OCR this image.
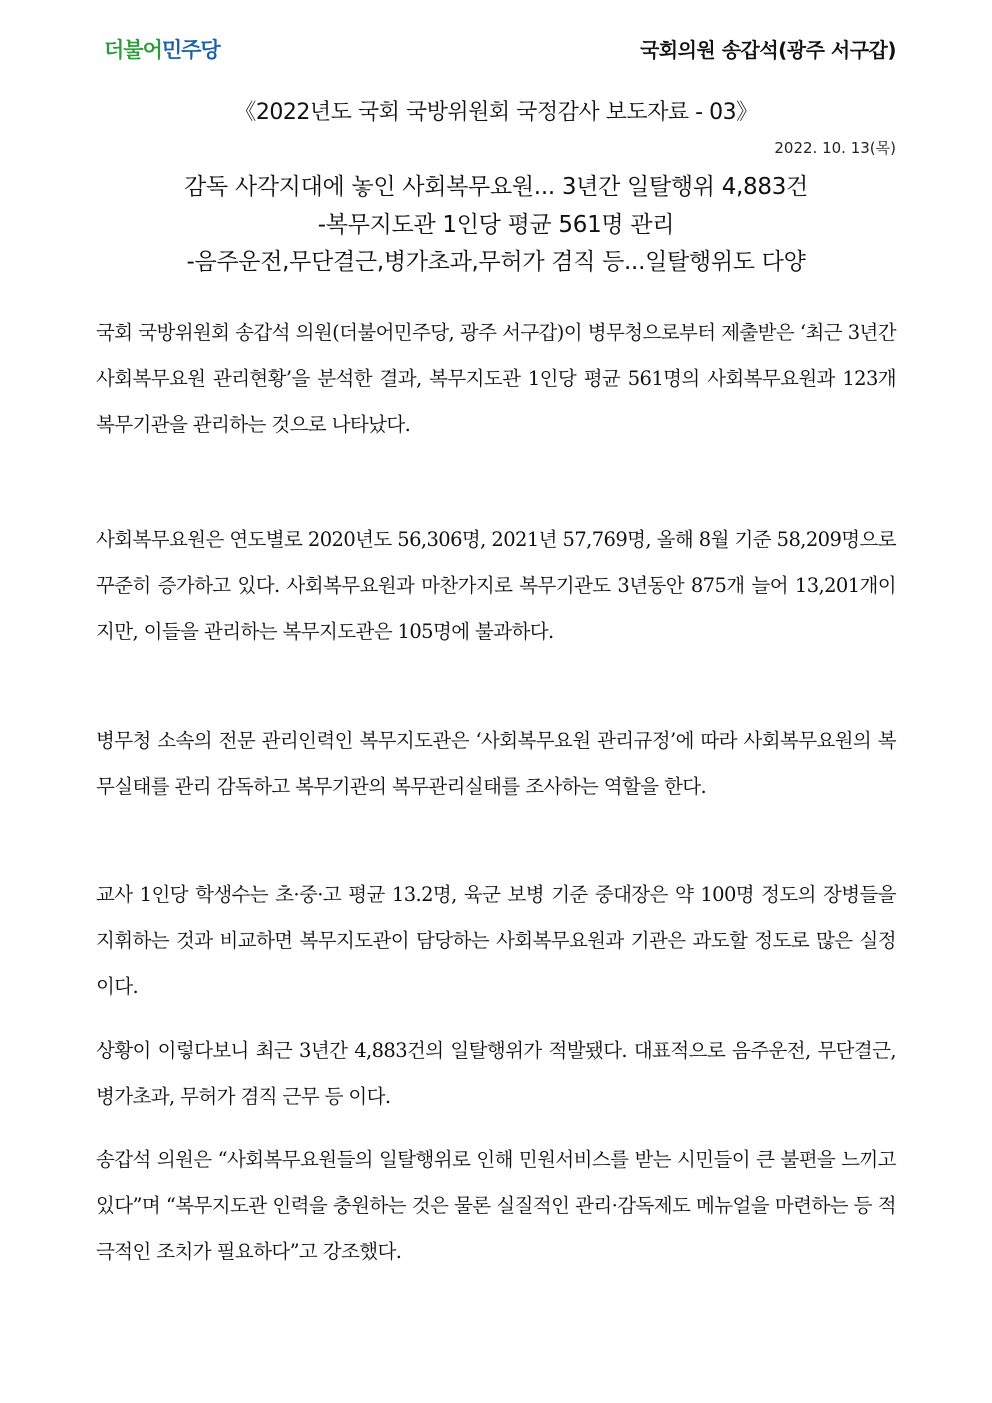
더불어민주당	국회의원 송갑석(광주 서구갑)
《2022년도 국회 국방위원회 국정감사 보도자료 - 03》
2022. 10. 13(목)
감독 사각지대에 놓인 사회복무요원... 3년간 일탈행위 4,883건
-복무지도관 1인당 평균 561명 관리
-음주운전,무단결근,병가초과,무허가 겸직 등...일탈행위도 다양
국회 국방위원회 송갑석 의원(더불어민주당, 광주 서구갑)이 병무청으로부터 제출받은 ‘최근 3년간 사회복무요원 관리현황’을 분석한 결과, 복무지도관 1인당 평균 561명의 사회복무요원과 123개 복무기관을 관리하는 것으로 나타났다.
사회복무요원은 연도별로 2020년도 56,306명, 2021년 57,769명, 올해 8월 기준 58,209명으로 꾸준히 증가하고 있다. 사회복무요원과 마찬가지로 복무기관도 3년동안 875개 늘어 13,201개이지만, 이들을 관리하는 복무지도관은 105명에 불과하다.
병무청 소속의 전문 관리인력인 복무지도관은 ‘사회복무요원 관리규정’에 따라 사회복무요원의 복무실태를 관리 감독하고 복무기관의 복무관리실태를 조사하는 역할을 한다.
교사 1인당 학생수는 초·중·고 평균 13.2명, 육군 보병 기준 중대장은 약 100명 정도의 장병들을 지휘하는 것과 비교하면 복무지도관이 담당하는 사회복무요원과 기관은 과도할 정도로 많은 실정이다.
상황이 이렇다보니 최근 3년간 4,883건의 일탈행위가 적발됐다. 대표적으로 음주운전, 무단결근, 병가초과, 무허가 겸직 근무 등 이다.
송갑석 의원은 “사회복무요원들의 일탈행위로 인해 민원서비스를 받는 시민들이 큰 불편을 느끼고 있다”며 “복무지도관 인력을 충원하는 것은 물론 실질적인 관리·감독제도 메뉴얼을 마련하는 등 적극적인 조치가 필요하다”고 강조했다.
